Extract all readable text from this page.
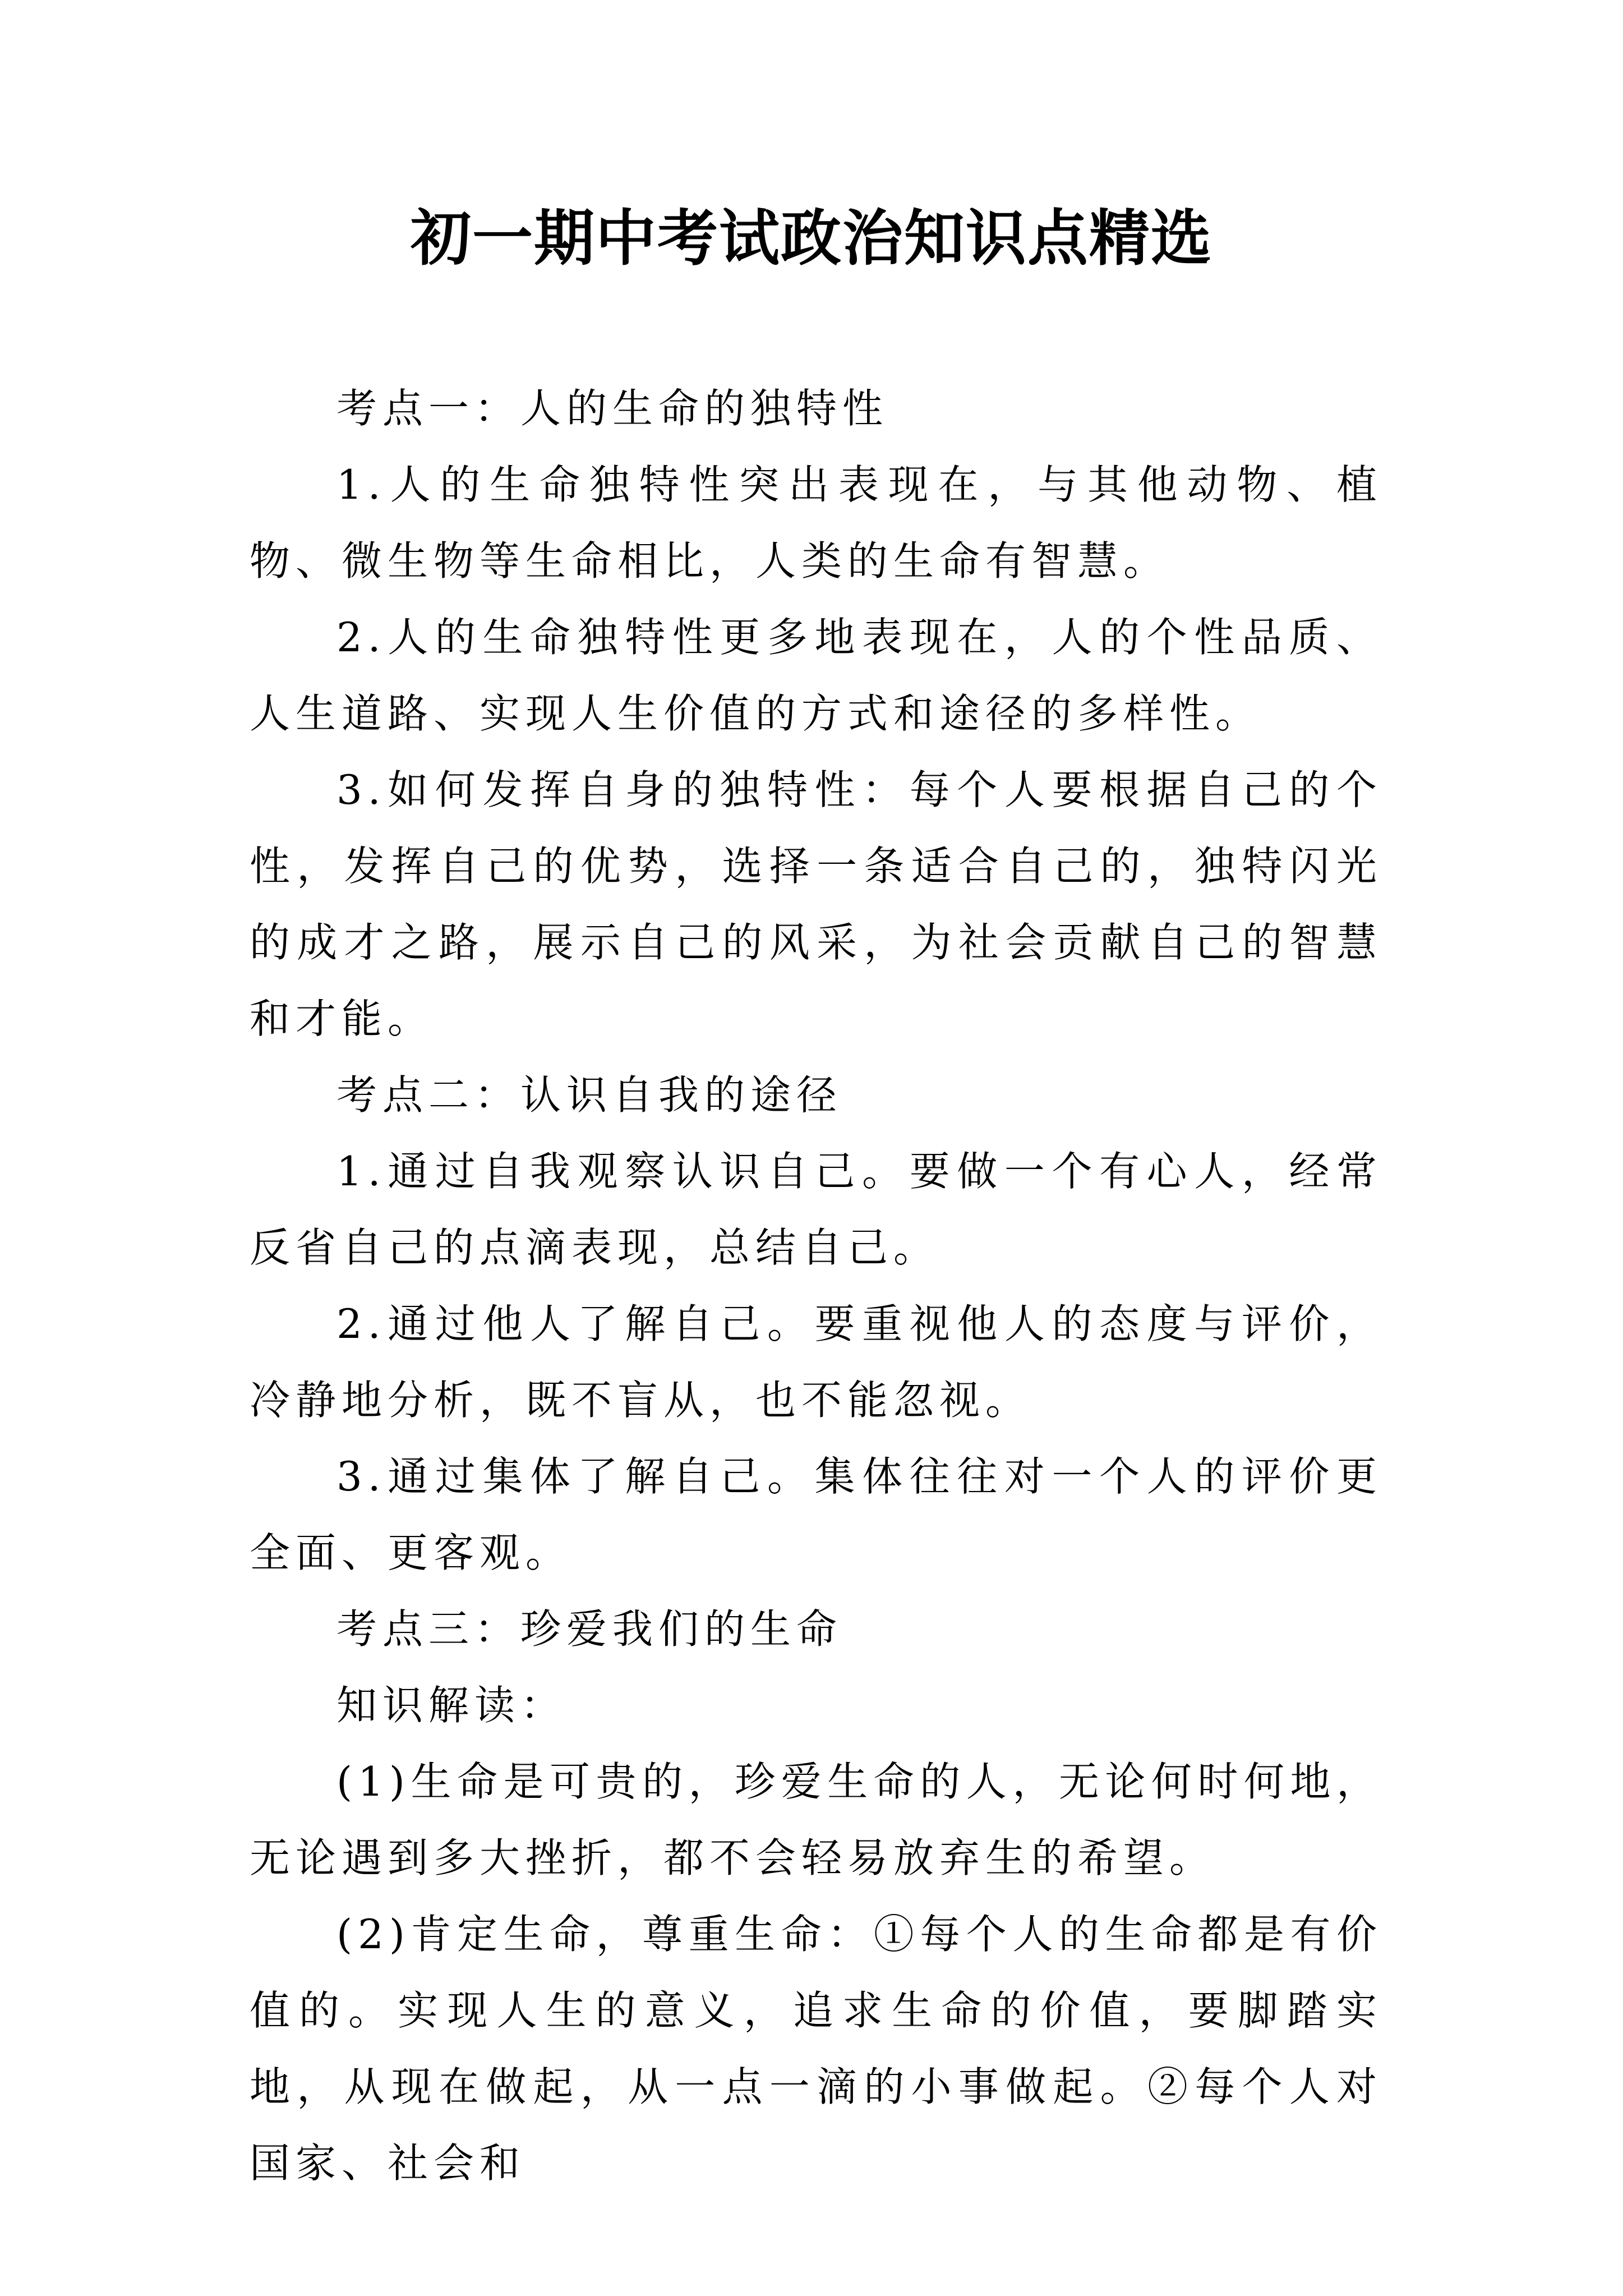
初一期中考试政治知识点精选

考点一：人的生命的独特性

1.人的生命独特性突出表现在，与其他动物、植物、微生物等生命相比，人类的生命有智慧。

2.人的生命独特性更多地表现在，人的个性品质、人生道路、实现人生价值的方式和途径的多样性。

3.如何发挥自身的独特性：每个人要根据自己的个性，发挥自己的优势，选择一条适合自己的，独特闪光的成才之路，展示自己的风采，为社会贡献自己的智慧和才能。

考点二：认识自我的途径

1.通过自我观察认识自己。要做一个有心人，经常反省自己的点滴表现，总结自己。

2.通过他人了解自己。要重视他人的态度与评价，冷静地分析，既不盲从，也不能忽视。

3.通过集体了解自己。集体往往对一个人的评价更全面、更客观。

考点三：珍爱我们的生命

知识解读：

(1)生命是可贵的，珍爱生命的人，无论何时何地，无论遇到多大挫折，都不会轻易放弃生的希望。

(2)肯定生命，尊重生命：①每个人的生命都是有价值的。实现人生的意义，追求生命的价值，要脚踏实地，从现在做起，从一点一滴的小事做起。②每个人对国家、社会和
